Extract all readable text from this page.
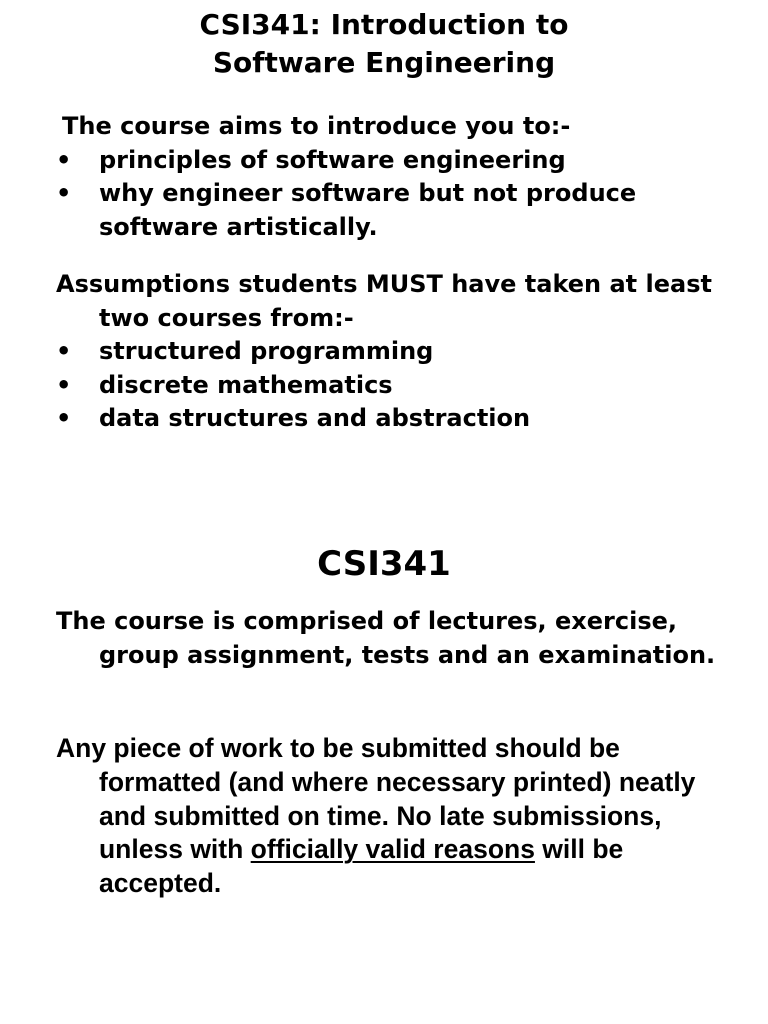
CSI341: Introduction to
Software Engineering

The course aims to introduce you to:-

• principles of software engineering
• why engineer software but not produce software artistically.

Assumptions students MUST have taken at least two courses from:-

• structured programming
• discrete mathematics
• data structures and abstraction
CSI341

The course is comprised of lectures, exercise, group assignment, tests and an examination.

Any piece of work to be submitted should be formatted (and where necessary printed) neatly and submitted on time. No late submissions, unless with officially valid reasons will be accepted.
